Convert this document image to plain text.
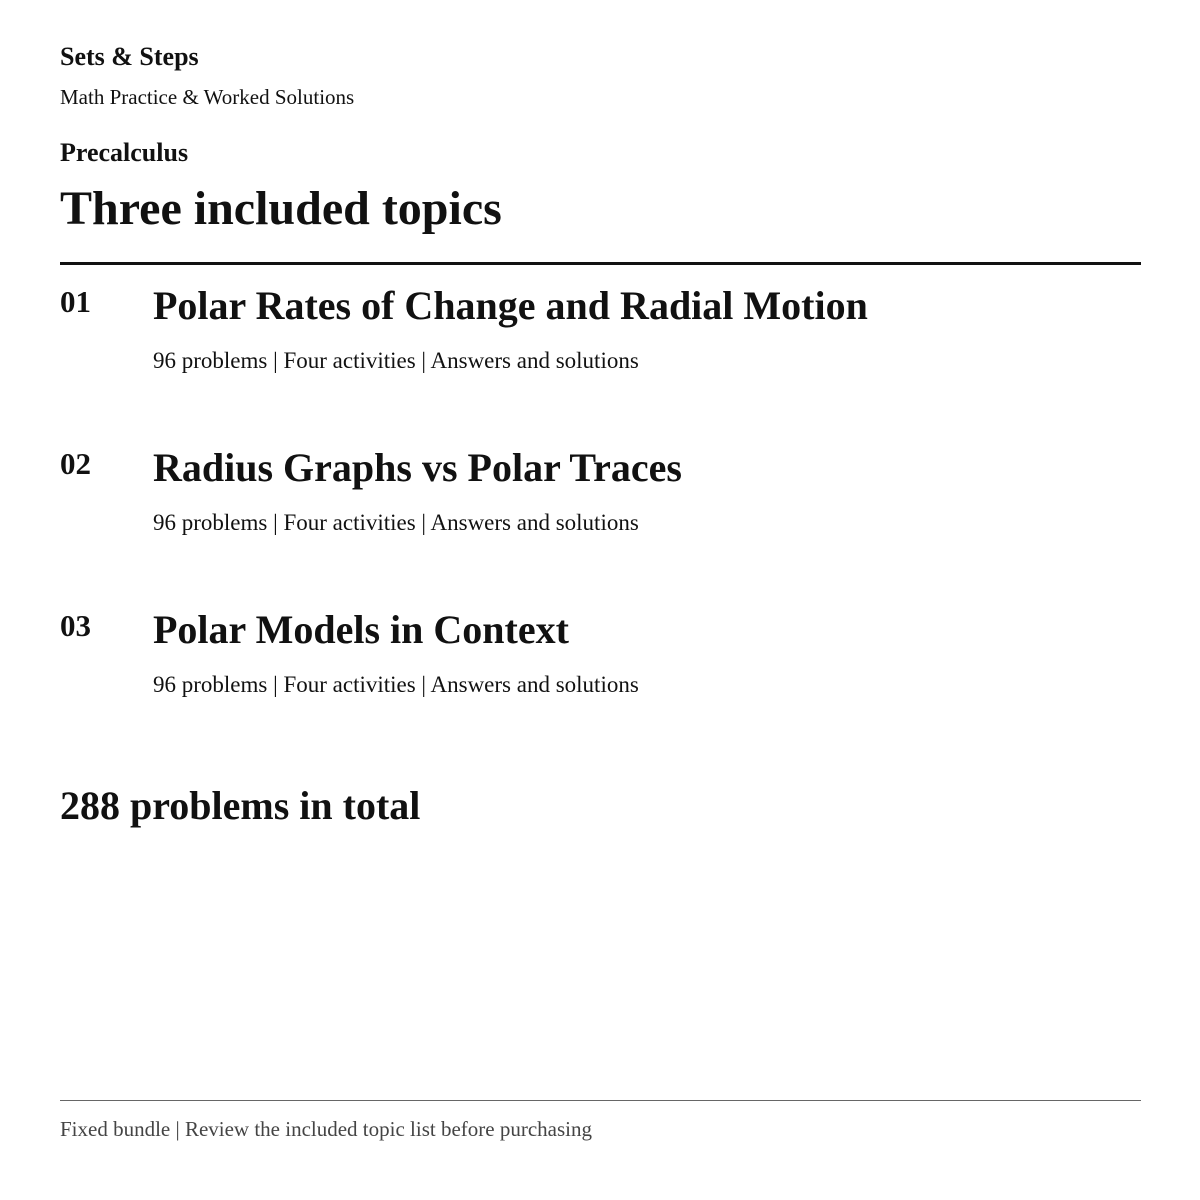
Sets & Steps
Math Practice & Worked Solutions
Precalculus
Three included topics
01 Polar Rates of Change and Radial Motion
96 problems | Four activities | Answers and solutions
02 Radius Graphs vs Polar Traces
96 problems | Four activities | Answers and solutions
03 Polar Models in Context
96 problems | Four activities | Answers and solutions
288 problems in total
Fixed bundle | Review the included topic list before purchasing
